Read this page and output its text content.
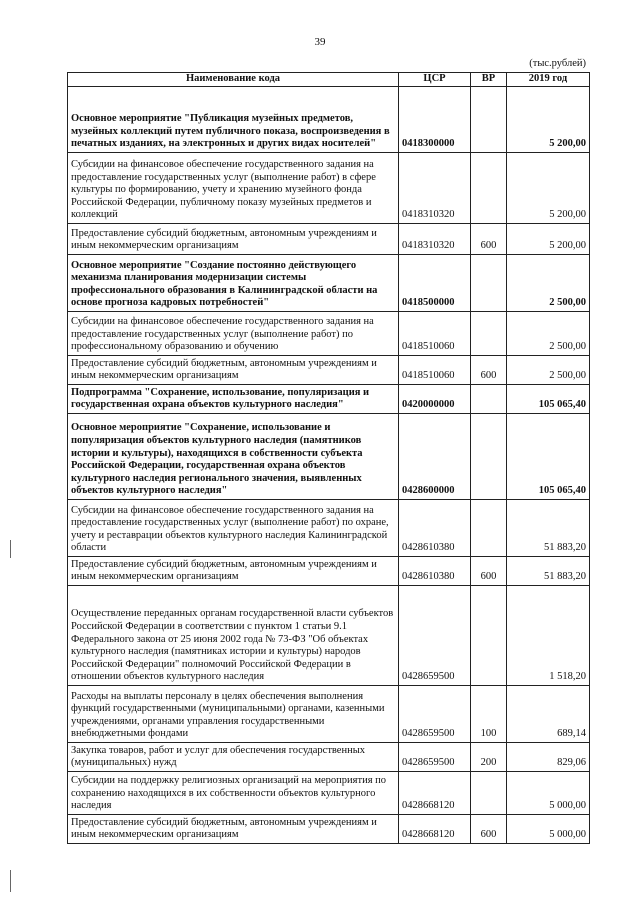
39
(тыс.рублей)
Наименование кода	ЦСР	ВР	2019 год
Основное мероприятие "Публикация музейных предметов, музейных коллекций путем публичного показа, воспроизведения в печатных изданиях, на электронных и других видах носителей"	0418300000		5 200,00
Субсидии на финансовое обеспечение государственного задания на предоставление государственных услуг (выполнение работ) в сфере культуры по формированию, учету и хранению музейного фонда Российской Федерации, публичному показу музейных предметов и коллекций	0418310320		5 200,00
Предоставление субсидий бюджетным, автономным учреждениям и иным некоммерческим организациям	0418310320	600	5 200,00
Основное мероприятие "Создание постоянно действующего механизма планирования модернизации системы профессионального образования в Калининградской области на основе прогноза кадровых потребностей"	0418500000		2 500,00
Субсидии на финансовое обеспечение государственного задания на предоставление государственных услуг (выполнение работ) по профессиональному образованию и обучению	0418510060		2 500,00
Предоставление субсидий бюджетным, автономным учреждениям и иным некоммерческим организациям	0418510060	600	2 500,00
Подпрограмма "Сохранение, использование, популяризация и государственная охрана объектов культурного наследия"	0420000000		105 065,40
Основное мероприятие "Сохранение, использование и популяризация объектов культурного наследия (памятников истории и культуры), находящихся в собственности субъекта Российской Федерации, государственная охрана объектов культурного наследия регионального значения, выявленных объектов культурного наследия"	0428600000		105 065,40
Субсидии на финансовое обеспечение государственного задания на предоставление государственных услуг (выполнение работ) по охране, учету и реставрации объектов культурного наследия Калининградской области	0428610380		51 883,20
Предоставление субсидий бюджетным, автономным учреждениям и иным некоммерческим организациям	0428610380	600	51 883,20
Осуществление переданных органам государственной власти субъектов Российской Федерации в соответствии с пунктом 1 статьи 9.1 Федерального закона от 25 июня 2002 года № 73-ФЗ "Об объектах культурного наследия (памятниках истории и культуры) народов Российской Федерации" полномочий Российской Федерации в отношении объектов культурного наследия	0428659500		1 518,20
Расходы на выплаты персоналу в целях обеспечения выполнения функций государственными (муниципальными) органами, казенными учреждениями, органами управления государственными внебюджетными фондами	0428659500	100	689,14
Закупка товаров, работ и услуг для обеспечения государственных (муниципальных) нужд	0428659500	200	829,06
Субсидии на поддержку религиозных организаций на мероприятия по сохранению находящихся в их собственности объектов культурного наследия	0428668120		5 000,00
Предоставление субсидий бюджетным, автономным учреждениям и иным некоммерческим организациям	0428668120	600	5 000,00
